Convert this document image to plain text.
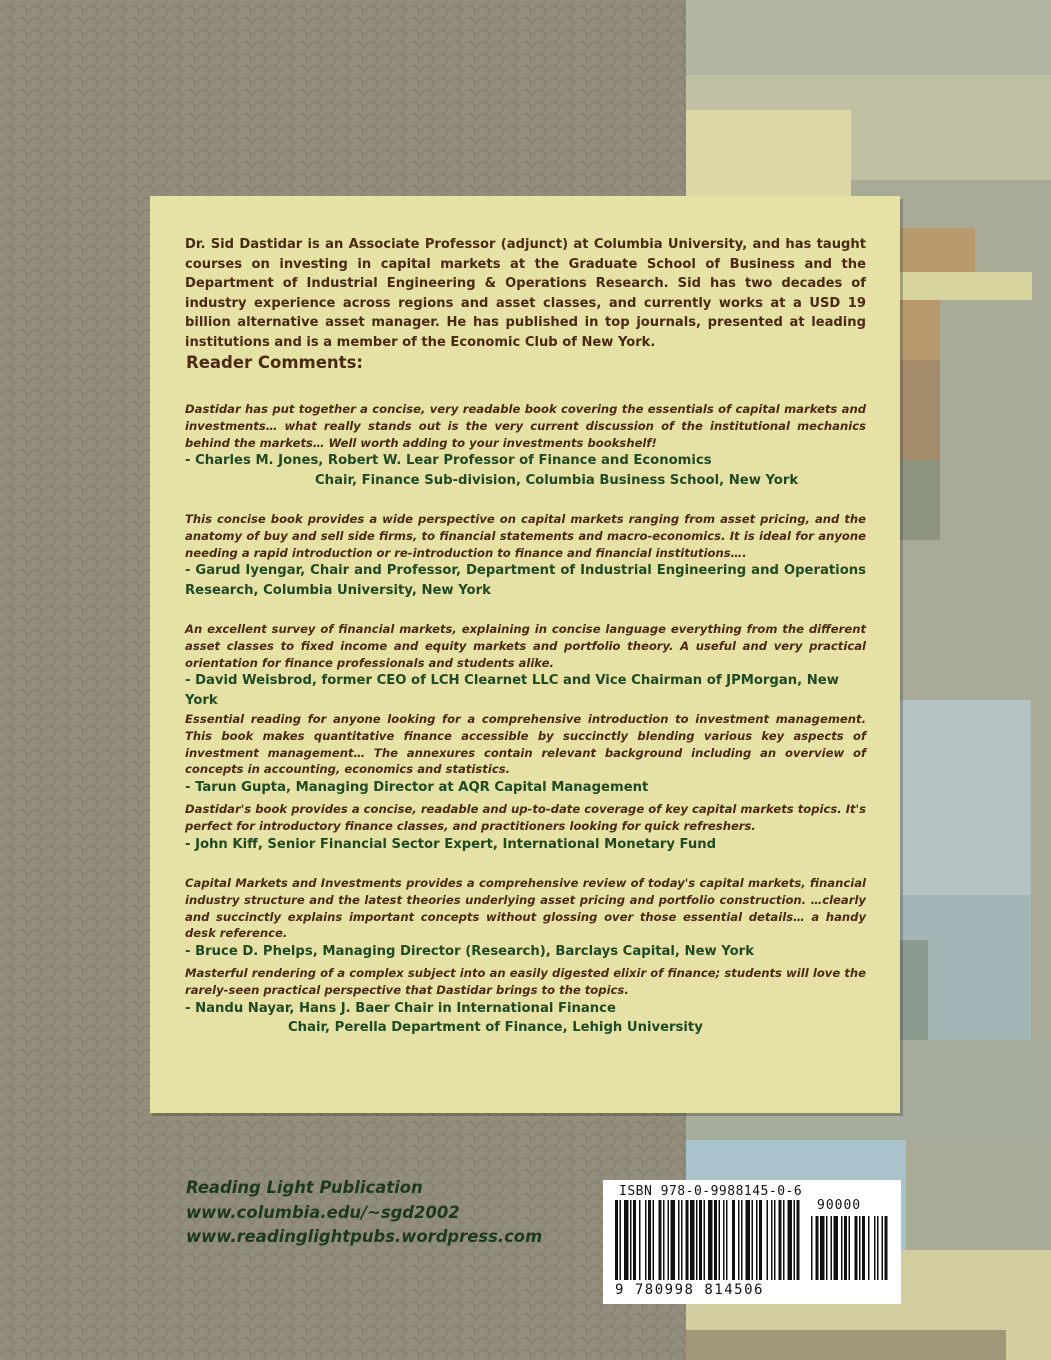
Dr. Sid Dastidar is an Associate Professor (adjunct) at Columbia University, and has taught courses on investing in capital markets at the Graduate School of Business and the Department of Industrial Engineering & Operations Research. Sid has two decades of industry experience across regions and asset classes, and currently works at a USD 19 billion alternative asset manager. He has published in top journals, presented at leading institutions and is a member of the Economic Club of New York.

Reader Comments:

Dastidar has put together a concise, very readable book covering the essentials of capital markets and investments… what really stands out is the very current discussion of the institutional mechanics behind the markets… Well worth adding to your investments bookshelf!

- Charles M. Jones, Robert W. Lear Professor of Finance and Economics

Chair, Finance Sub-division, Columbia Business School, New York

This concise book provides a wide perspective on capital markets ranging from asset pricing, and the anatomy of buy and sell side firms, to financial statements and macro-economics. It is ideal for anyone needing a rapid introduction or re-introduction to finance and financial institutions….

- Garud Iyengar, Chair and Professor, Department of Industrial Engineering and Operations Research, Columbia University, New York

An excellent survey of financial markets, explaining in concise language everything from the different asset classes to fixed income and equity markets and portfolio theory. A useful and very practical orientation for finance professionals and students alike.

- David Weisbrod, former CEO of LCH Clearnet LLC and Vice Chairman of JPMorgan, New York

Essential reading for anyone looking for a comprehensive introduction to investment management. This book makes quantitative finance accessible by succinctly blending various key aspects of investment management… The annexures contain relevant background including an overview of concepts in accounting, economics and statistics.

- Tarun Gupta, Managing Director at AQR Capital Management

Dastidar's book provides a concise, readable and up-to-date coverage of key capital markets topics. It's perfect for introductory finance classes, and practitioners looking for quick refreshers.

- John Kiff, Senior Financial Sector Expert, International Monetary Fund

Capital Markets and Investments provides a comprehensive review of today's capital markets, financial industry structure and the latest theories underlying asset pricing and portfolio construction. …clearly and succinctly explains important concepts without glossing over those essential details… a handy desk reference.

- Bruce D. Phelps, Managing Director (Research), Barclays Capital, New York

Masterful rendering of a complex subject into an easily digested elixir of finance; students will love the rarely-seen practical perspective that Dastidar brings to the topics.

- Nandu Nayar, Hans J. Baer Chair in International Finance

Chair, Perella Department of Finance, Lehigh University

Reading Light Publication
www.columbia.edu/~sgd2002
www.readinglightpubs.wordpress.com
ISBN 978-0-9988145-0-6
90000
9 780998 814506
